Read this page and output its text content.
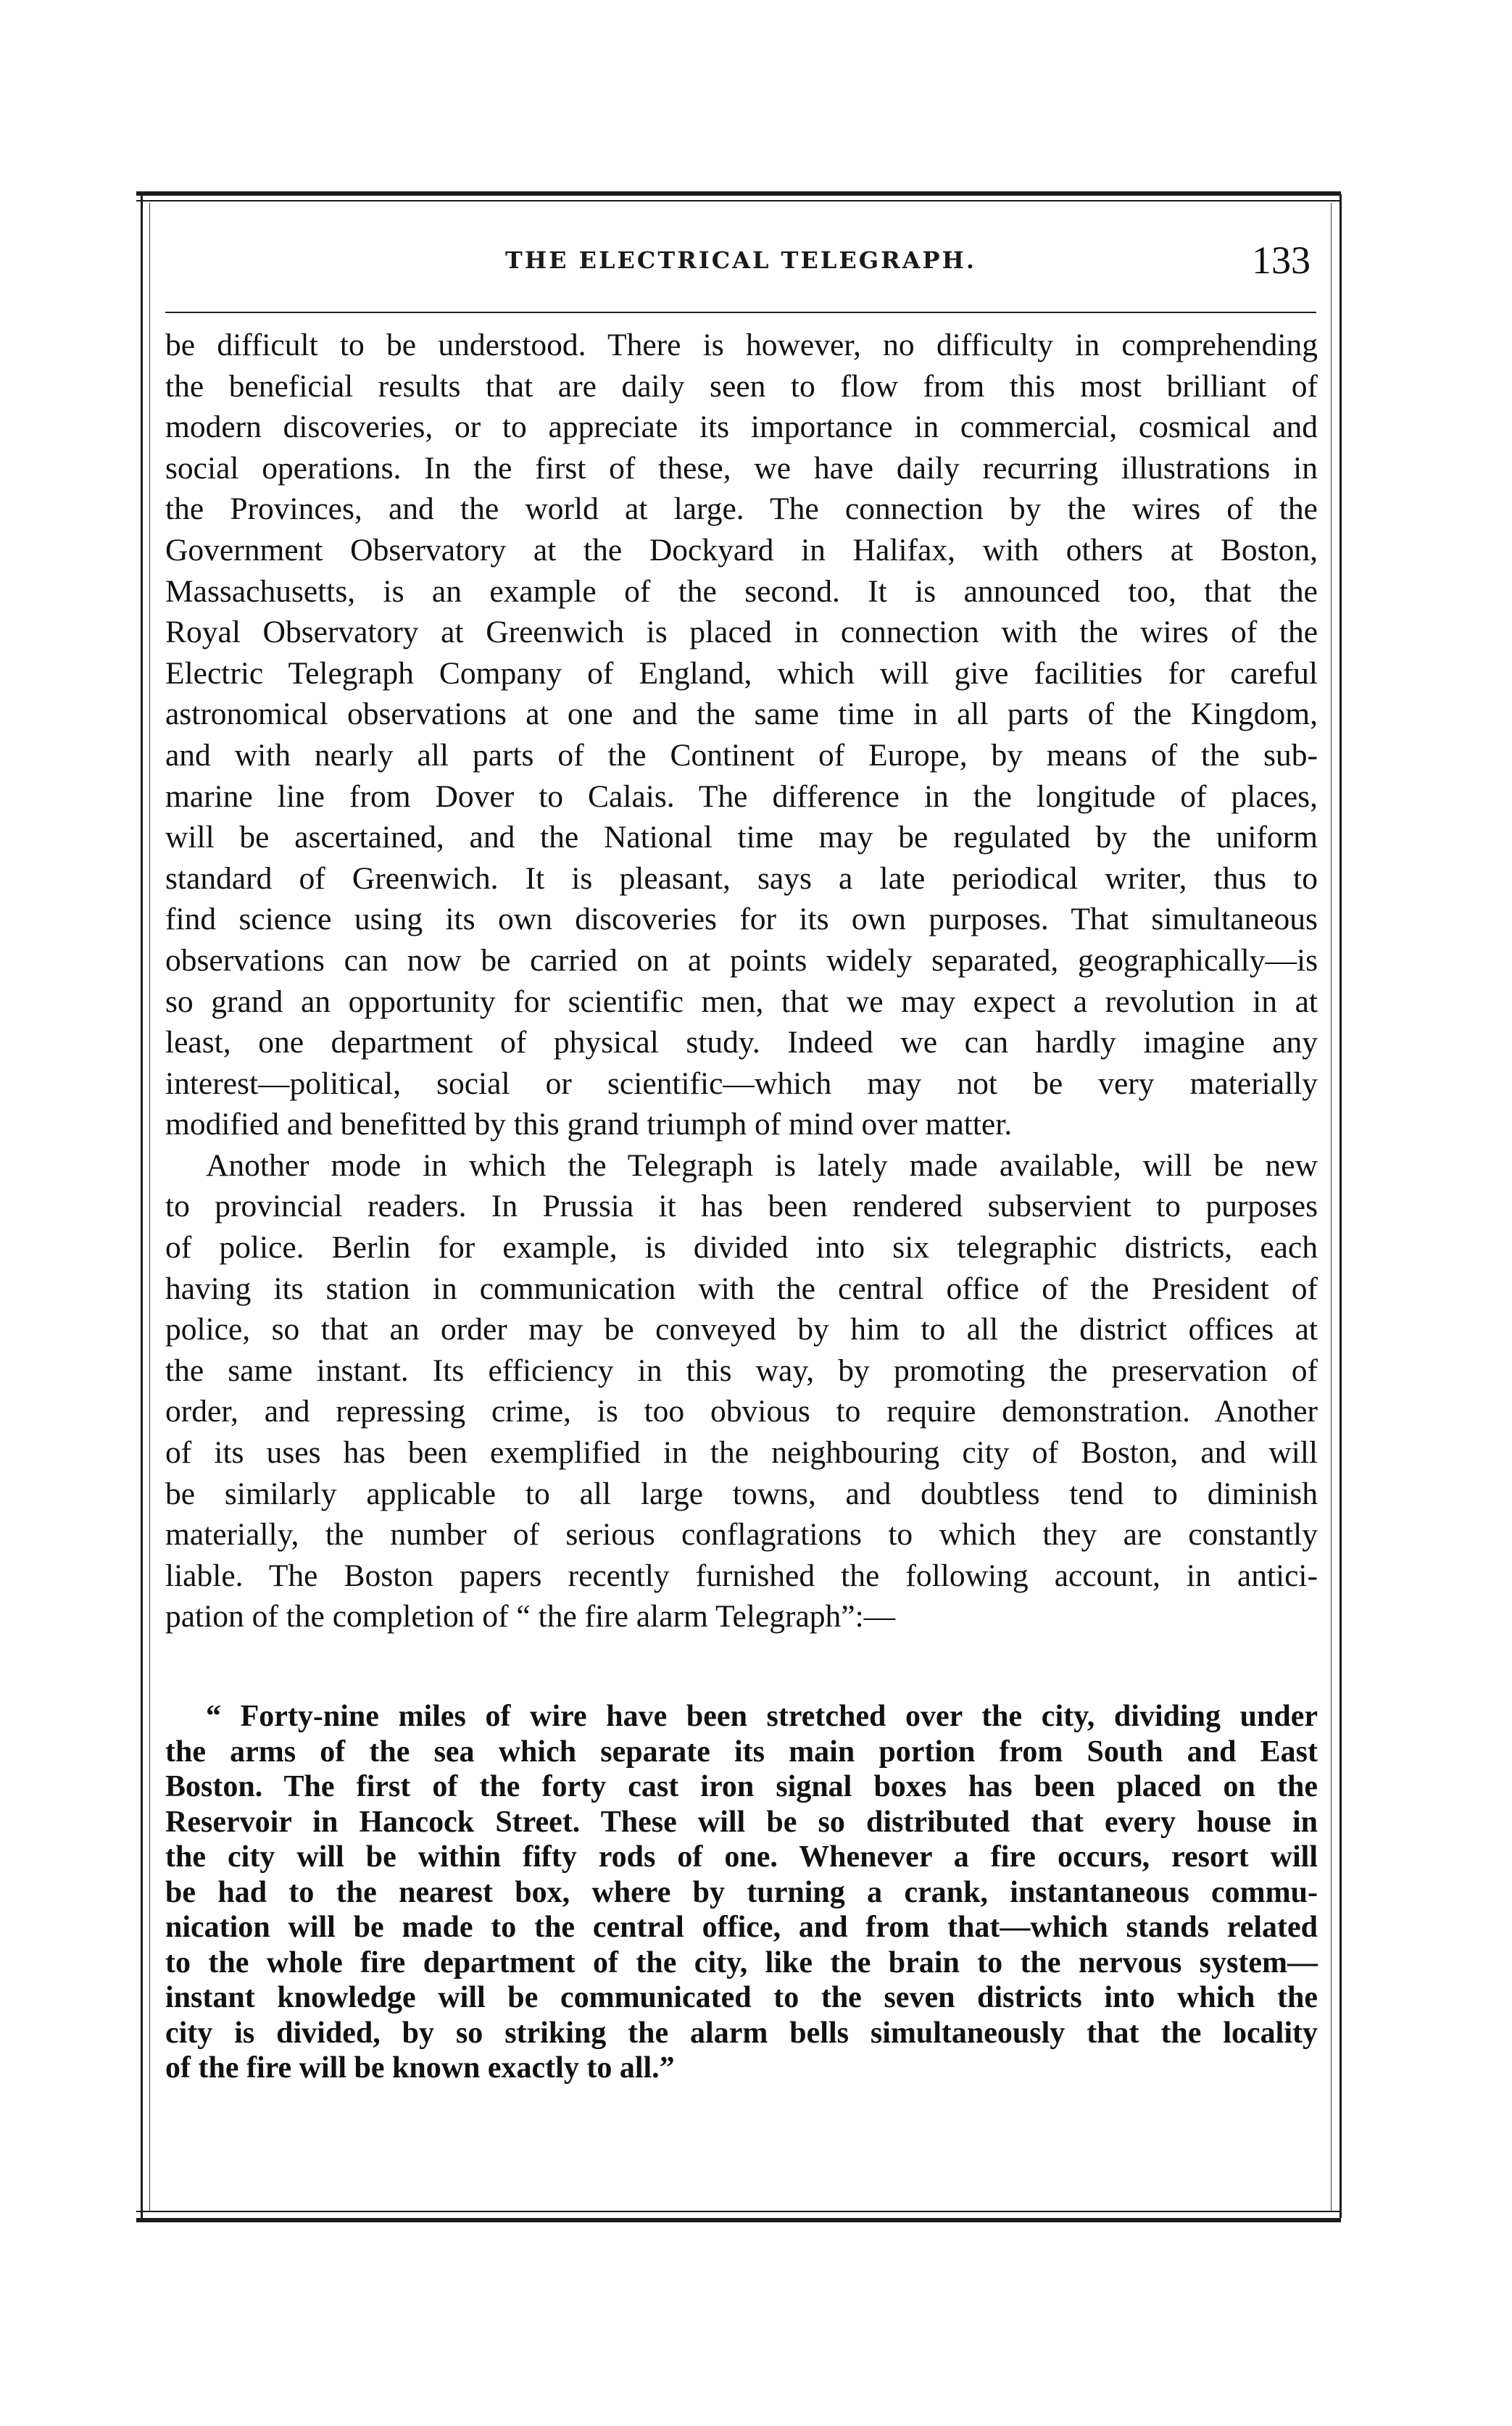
THE ELECTRICAL TELEGRAPH.	133
be difficult to be understood. There is however, no difficulty in comprehending
the beneficial results that are daily seen to flow from this most brilliant of
modern discoveries, or to appreciate its importance in commercial, cosmical and
social operations. In the first of these, we have daily recurring illustrations in
the Provinces, and the world at large. The connection by the wires of the
Government Observatory at the Dockyard in Halifax, with others at Boston,
Massachusetts, is an example of the second. It is announced too, that the
Royal Observatory at Greenwich is placed in connection with the wires of the
Electric Telegraph Company of England, which will give facilities for careful
astronomical observations at one and the same time in all parts of the Kingdom,
and with nearly all parts of the Continent of Europe, by means of the sub-
marine line from Dover to Calais. The difference in the longitude of places,
will be ascertained, and the National time may be regulated by the uniform
standard of Greenwich. It is pleasant, says a late periodical writer, thus to
find science using its own discoveries for its own purposes. That simultaneous
observations can now be carried on at points widely separated, geographically—is
so grand an opportunity for scientific men, that we may expect a revolution in at
least, one department of physical study. Indeed we can hardly imagine any
interest—political, social or scientific—which may not be very materially
modified and benefitted by this grand triumph of mind over matter.
Another mode in which the Telegraph is lately made available, will be new
to provincial readers. In Prussia it has been rendered subservient to purposes
of police. Berlin for example, is divided into six telegraphic districts, each
having its station in communication with the central office of the President of
police, so that an order may be conveyed by him to all the district offices at
the same instant. Its efficiency in this way, by promoting the preservation of
order, and repressing crime, is too obvious to require demonstration. Another
of its uses has been exemplified in the neighbouring city of Boston, and will
be similarly applicable to all large towns, and doubtless tend to diminish
materially, the number of serious conflagrations to which they are constantly
liable. The Boston papers recently furnished the following account, in antici-
pation of the completion of “ the fire alarm Telegraph”:—
“ Forty-nine miles of wire have been stretched over the city, dividing under
the arms of the sea which separate its main portion from South and East
Boston. The first of the forty cast iron signal boxes has been placed on the
Reservoir in Hancock Street. These will be so distributed that every house in
the city will be within fifty rods of one. Whenever a fire occurs, resort will
be had to the nearest box, where by turning a crank, instantaneous commu-
nication will be made to the central office, and from that—which stands related
to the whole fire department of the city, like the brain to the nervous system—
instant knowledge will be communicated to the seven districts into which the
city is divided, by so striking the alarm bells simultaneously that the locality
of the fire will be known exactly to all.”
